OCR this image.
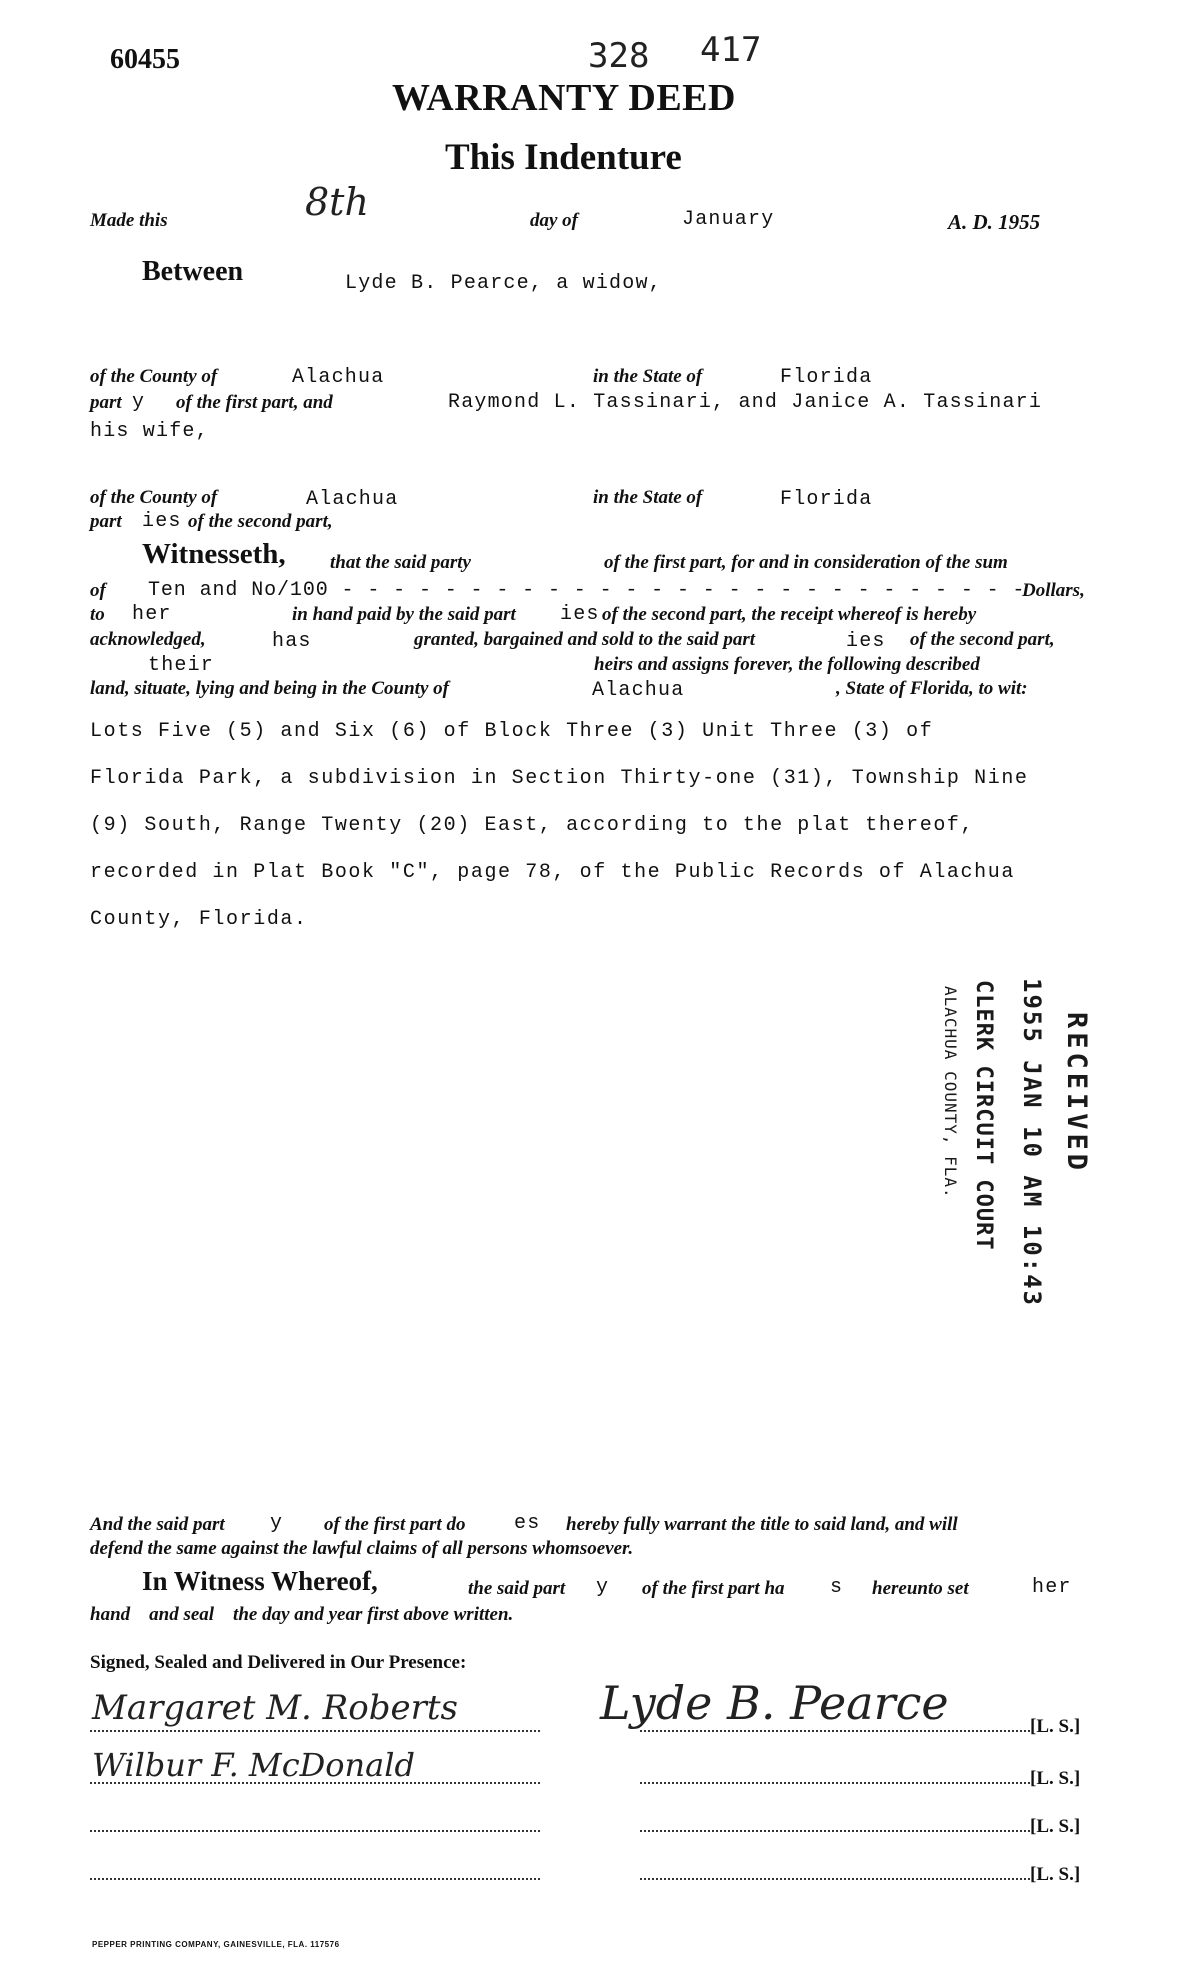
60455	328 417
WARRANTY DEED
This Indenture
Made this	8th	day of	January	A. D. 1955
Between	Lyde B. Pearce, a widow,
of the County of	Alachua	in the State of	Florida
part y of the first part, and	Raymond L. Tassinari, and Janice A. Tassinari
his wife,
of the County of	Alachua	in the State of	Florida
part ies of the second part,
Witnesseth, that the said party	of the first part, for and in consideration of the sum
of Ten and No/100 - - - - - - - - - - - - - - - - - - - - - - - - - - -
Dollars,
to her	in hand paid by the said part ies of the second part, the receipt whereof is hereby
acknowledged,	has	granted, bargained and sold to the said part	ies of the second part,
their	heirs and assigns forever, the following described
land, situate, lying and being in the County of	Alachua	, State of Florida, to wit:
Lots Five (5) and Six (6) of Block Three (3) Unit Three (3) of
Florida Park, a subdivision in Section Thirty-one (31), Township Nine
(9) South, Range Twenty (20) East, according to the plat thereof,
recorded in Plat Book "C", page 78, of the Public Records of Alachua
County, Florida.
RECEIVED
1955 JAN 10 AM 10:43
CLERK CIRCUIT COURT
ALACHUA COUNTY, FLA.
And the said part y of the first part do es hereby fully warrant the title to said land, and will
defend the same against the lawful claims of all persons whomsoever.
In Witness Whereof,	the said part y of the first part ha s hereunto set	her
hand    and seal    the day and year first above written.
Signed, Sealed and Delivered in Our Presence:
Margaret M. Roberts	Lyde B. Pearce	[L. S.]
Wilbur F. McDonald	[L. S.]
[L. S.]
[L. S.]
PEPPER PRINTING COMPANY, GAINESVILLE, FLA. 117576
